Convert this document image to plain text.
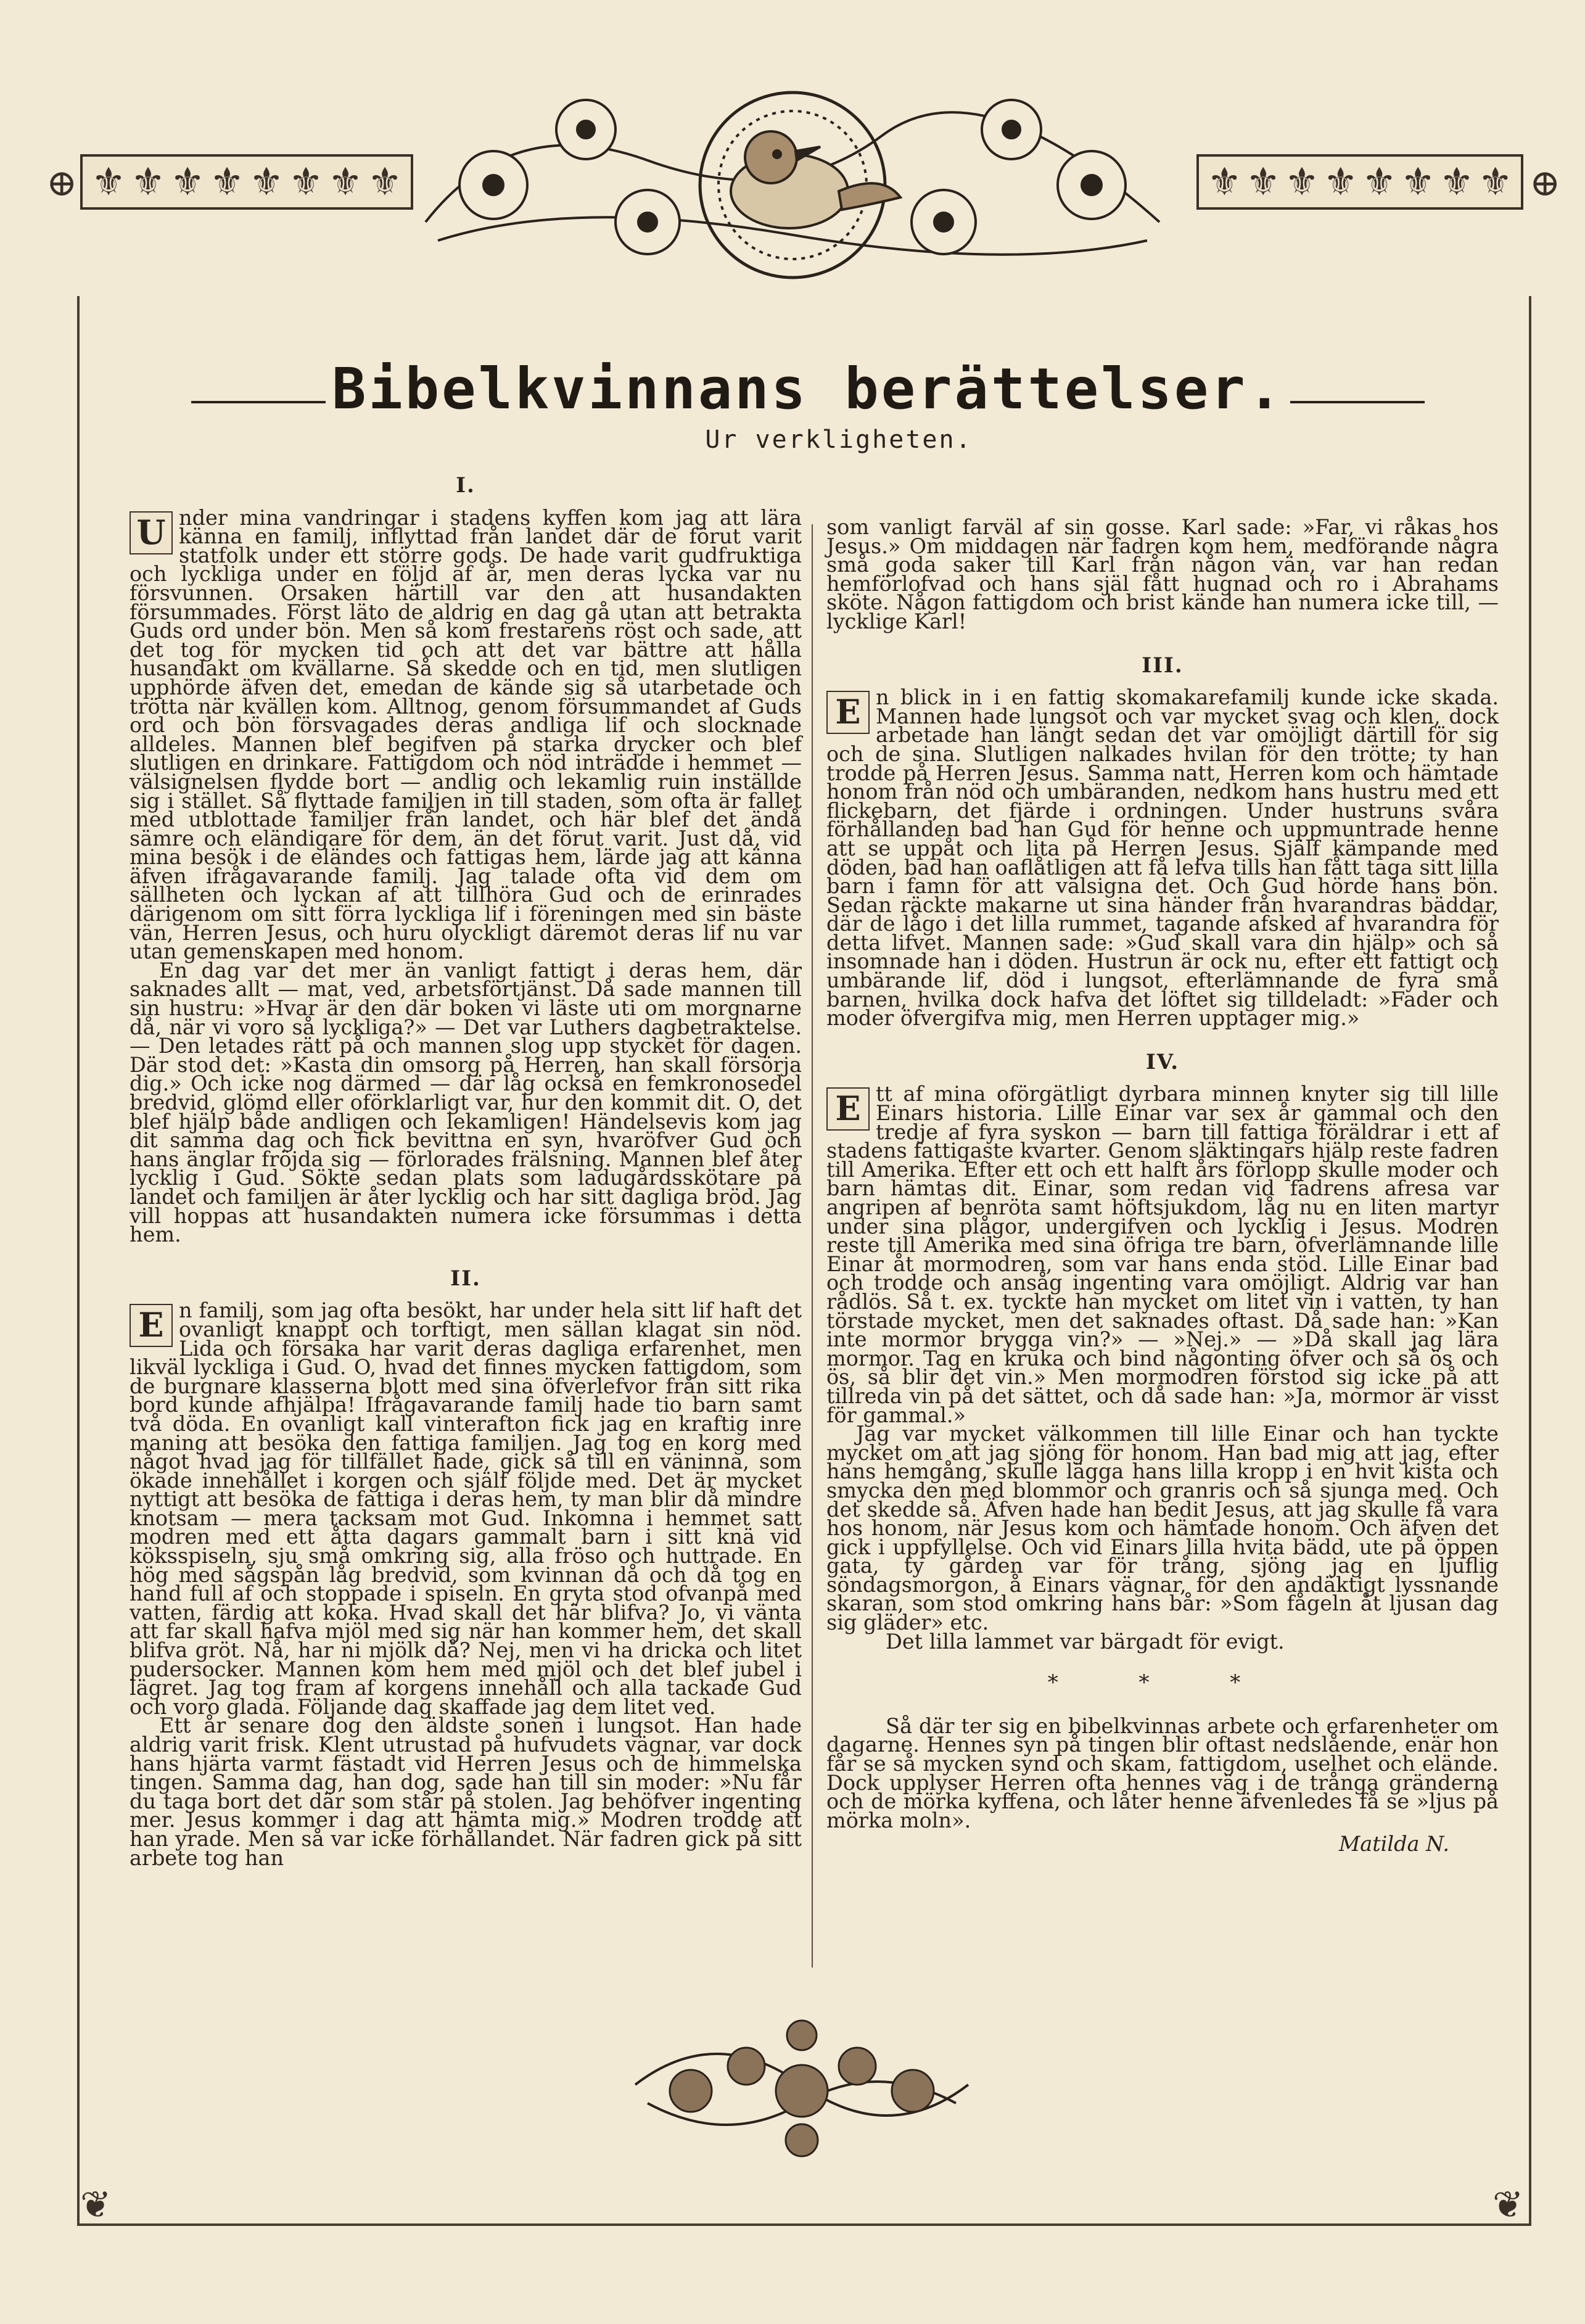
⚜ ⚜ ⚜ ⚜ ⚜ ⚜ ⚜ ⚜	⚜ ⚜ ⚜ ⚜ ⚜ ⚜ ⚜ ⚜
⊕	⊕
Bibelkvinnans berättelser.
Ur verkligheten.
I.
U nder mina vandringar i stadens kyffen kom jag att lära känna en familj, inflyttad från landet där de förut varit statfolk under ett större gods. De hade varit gudfruktiga och lyckliga under en följd af år, men deras lycka var nu försvunnen. Orsaken härtill var den att husandakten försummades. Först läto de aldrig en dag gå utan att betrakta Guds ord under bön. Men så kom frestarens röst och sade, att det tog för mycken tid och att det var bättre att hålla husandakt om kvällarne. Så skedde och en tid, men slutligen upphörde äfven det, emedan de kände sig så utarbetade och trötta när kvällen kom. Alltnog, genom försummandet af Guds ord och bön försvagades deras andliga lif och slocknade alldeles. Mannen blef begifven på starka drycker och blef slutligen en drinkare. Fattigdom och nöd inträdde i hemmet — välsignelsen flydde bort — andlig och lekamlig ruin inställde sig i stället. Så flyttade familjen in till staden, som ofta är fallet med utblottade familjer från landet, och här blef det ändå sämre och eländigare för dem, än det förut varit. Just då, vid mina besök i de eländes och fattigas hem, lärde jag att känna äfven ifrågavarande familj. Jag talade ofta vid dem om sällheten och lyckan af att tillhöra Gud och de erinrades därigenom om sitt förra lyckliga lif i föreningen med sin bäste vän, Herren Jesus, och huru olyckligt däremot deras lif nu var utan gemenskapen med honom.

En dag var det mer än vanligt fattigt i deras hem, där saknades allt — mat, ved, arbetsförtjänst. Då sade mannen till sin hustru: »Hvar är den där boken vi läste uti om morgnarne då, när vi voro så lyckliga?» — Det var Luthers dagbetraktelse. — Den letades rätt på och mannen slog upp stycket för dagen. Där stod det: »Kasta din omsorg på Herren, han skall försörja dig.» Och icke nog därmed — där låg också en femkronosedel bredvid, glömd eller oförklarligt var, hur den kommit dit. O, det blef hjälp både andligen och lekamligen! Händelsevis kom jag dit samma dag och fick bevittna en syn, hvaröfver Gud och hans änglar fröjda sig — förlorades frälsning. Mannen blef åter lycklig i Gud. Sökte sedan plats som ladugårdsskötare på landet och familjen är åter lycklig och har sitt dagliga bröd. Jag vill hoppas att husandakten numera icke försummas i detta hem.

II.
E n familj, som jag ofta besökt, har under hela sitt lif haft det ovanligt knappt och torftigt, men sällan klagat sin nöd. Lida och försaka har varit deras dagliga erfarenhet, men likväl lyckliga i Gud. O, hvad det finnes mycken fattigdom, som de burgnare klasserna blott med sina öfverlefvor från sitt rika bord kunde afhjälpa! Ifrågavarande familj hade tio barn samt två döda. En ovanligt kall vinterafton fick jag en kraftig inre maning att besöka den fattiga familjen. Jag tog en korg med något hvad jag för tillfället hade, gick så till en väninna, som ökade innehållet i korgen och själf följde med. Det är mycket nyttigt att besöka de fattiga i deras hem, ty man blir då mindre knotsam — mera tacksam mot Gud. Inkomna i hemmet satt modren med ett åtta dagars gammalt barn i sitt knä vid köksspiseln, sju små omkring sig, alla fröso och huttrade. En hög med sågspån låg bredvid, som kvinnan då och då tog en hand full af och stoppade i spiseln. En gryta stod ofvanpå med vatten, färdig att koka. Hvad skall det här blifva? Jo, vi vänta att far skall hafva mjöl med sig när han kommer hem, det skall blifva gröt. Nå, har ni mjölk då? Nej, men vi ha dricka och litet pudersocker. Mannen kom hem med mjöl och det blef jubel i lägret. Jag tog fram af korgens innehåll och alla tackade Gud och voro glada. Följande dag skaffade jag dem litet ved.

Ett år senare dog den äldste sonen i lungsot. Han hade aldrig varit frisk. Klent utrustad på hufvudets vägnar, var dock hans hjärta varmt fästadt vid Herren Jesus och de himmelska tingen. Samma dag, han dog, sade han till sin moder: »Nu får du taga bort det där som står på stolen. Jag behöfver ingenting mer. Jesus kommer i dag att hämta mig.» Modren trodde att han yrade. Men så var icke förhållandet. När fadren gick på sitt arbete tog han

som vanligt farväl af sin gosse. Karl sade: »Far, vi råkas hos Jesus.» Om middagen när fadren kom hem, medförande några små goda saker till Karl från någon vän, var han redan hemförlofvad och hans själ fått hugnad och ro i Abrahams sköte. Någon fattigdom och brist kände han numera icke till, — lycklige Karl!

III.
E n blick in i en fattig skomakarefamilj kunde icke skada. Mannen hade lungsot och var mycket svag och klen, dock arbetade han längt sedan det var omöjligt därtill för sig och de sina. Slutligen nalkades hvilan för den trötte; ty han trodde på Herren Jesus. Samma natt, Herren kom och hämtade honom från nöd och umbäranden, nedkom hans hustru med ett flickebarn, det fjärde i ordningen. Under hustruns svåra förhållanden bad han Gud för henne och uppmuntrade henne att se uppåt och lita på Herren Jesus. Själf kämpande med döden, bad han oaflåtligen att få lefva tills han fått taga sitt lilla barn i famn för att välsigna det. Och Gud hörde hans bön. Sedan räckte makarne ut sina händer från hvarandras bäddar, där de lågo i det lilla rummet, tagande afsked af hvarandra för detta lifvet. Mannen sade: »Gud skall vara din hjälp» och så insomnade han i döden. Hustrun är ock nu, efter ett fattigt och umbärande lif, död i lungsot, efterlämnande de fyra små barnen, hvilka dock hafva det löftet sig tilldeladt: »Fader och moder öfvergifva mig, men Herren upptager mig.»

IV.
E tt af mina oförgätligt dyrbara minnen knyter sig till lille Einars historia. Lille Einar var sex år gammal och den tredje af fyra syskon — barn till fattiga föräldrar i ett af stadens fattigaste kvarter. Genom släktingars hjälp reste fadren till Amerika. Efter ett och ett halft års förlopp skulle moder och barn hämtas dit. Einar, som redan vid fadrens afresa var angripen af benröta samt höftsjukdom, låg nu en liten martyr under sina plågor, undergifven och lycklig i Jesus. Modren reste till Amerika med sina öfriga tre barn, öfverlämnande lille Einar åt mormodren, som var hans enda stöd. Lille Einar bad och trodde och ansåg ingenting vara omöjligt. Aldrig var han rådlös. Så t. ex. tyckte han mycket om litet vin i vatten, ty han törstade mycket, men det saknades oftast. Då sade han: »Kan inte mormor brygga vin?» — »Nej.» — »Då skall jag lära mormor. Tag en kruka och bind någonting öfver och så ös och ös, så blir det vin.» Men mormodren förstod sig icke på att tillreda vin på det sättet, och då sade han: »Ja, mormor är visst för gammal.»

Jag var mycket välkommen till lille Einar och han tyckte mycket om att jag sjöng för honom. Han bad mig att jag, efter hans hemgång, skulle lägga hans lilla kropp i en hvit kista och smycka den med blommor och granris och så sjunga med. Och det skedde så. Äfven hade han bedit Jesus, att jag skulle få vara hos honom, när Jesus kom och hämtade honom. Och äfven det gick i uppfyllelse. Och vid Einars lilla hvita bädd, ute på öppen gata, ty gården var för trång, sjöng jag en ljuflig söndagsmorgon, å Einars vägnar, för den andäktigt lyssnande skaran, som stod omkring hans bår: »Som fågeln åt ljusan dag sig gläder» etc.

Det lilla lammet var bärgadt för evigt.

* * *

Så där ter sig en bibelkvinnas arbete och erfarenheter om dagarne. Hennes syn på tingen blir oftast nedslående, enär hon får se så mycken synd och skam, fattigdom, uselhet och elände. Dock upplyser Herren ofta hennes väg i de trånga gränderna och de mörka kyffena, och låter henne äfvenledes få se »ljus på mörka moln».

Matilda N.
❦	❦
